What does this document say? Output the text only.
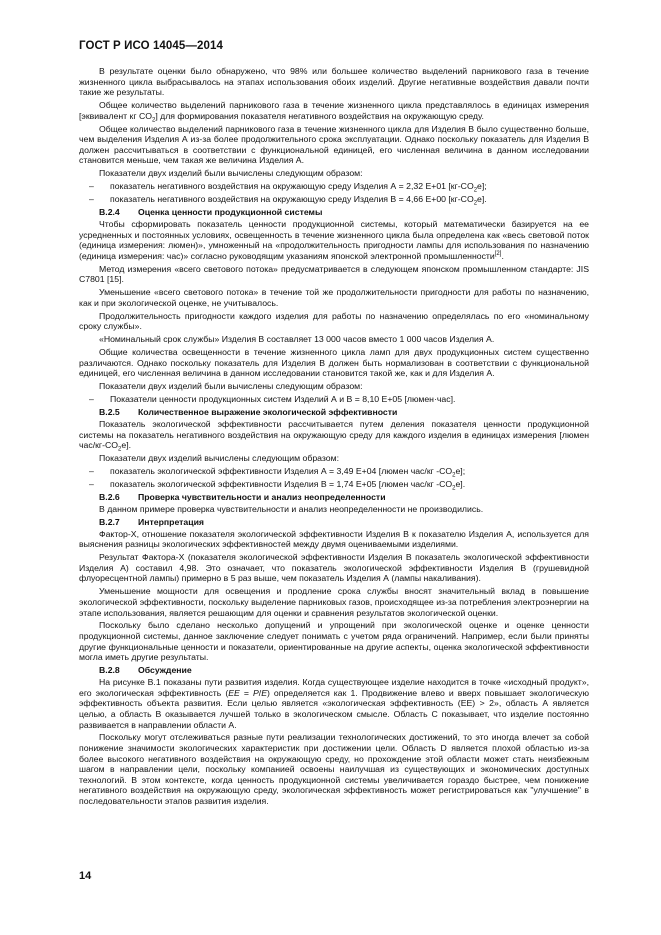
ГОСТ Р ИСО 14045—2014

В результате оценки было обнаружено, что 98% или большее количество выделений парникового газа в течение жизненного цикла выбрасывалось на этапах использования обоих изделий. Другие негативные воздействия давали почти такие же результаты.

Общее количество выделений парникового газа в течение жизненного цикла представлялось в единицах измерения [эквивалент кг $CO_2$] для формирования показателя негативного воздействия на окружающую среду.

Общее количество выделений парникового газа в течение жизненного цикла для Изделия В было существенно больше, чем выделения Изделия А из-за более продолжительного срока эксплуатации. Однако поскольку показатель для Изделия В должен рассчитываться в соответствии с функциональной единицей, его численная величина в данном исследовании становится меньше, чем такая же величина Изделия А.

Показатели двух изделий были вычислены следующим образом:

– показатель негативного воздействия на окружающую среду Изделия А = 2,32 Е+01 $[кг-CO_2e]$;

– показатель негативного воздействия на окружающую среду Изделия В = 4,66 Е+00 $[кг-CO_2e]$.

В.2.4 Оценка ценности продукционной системы

Чтобы сформировать показатель ценности продукционной системы, который математически базируется на ее усредненных и постоянных условиях, освещенность в течение жизненного цикла была определена как «весь световой поток (единица измерения: люмен)», умноженный на «продолжительность пригодности лампы для использования по назначению (единица измерения: час)» согласно руководящим указаниям японской электронной промышленности[2].

Метод измерения «всего светового потока» предусматривается в следующем японском промышленном стандарте: JIS C7801 [15].

Уменьшение «всего светового потока» в течение той же продолжительности пригодности для работы по назначению, как и при экологической оценке, не учитывалось.

Продолжительность пригодности каждого изделия для работы по назначению определялась по его «номинальному сроку службы».

«Номинальный срок службы» Изделия В составляет 13 000 часов вместо 1 000 часов Изделия А.

Общие количества освещенности в течение жизненного цикла ламп для двух продукционных систем существенно различаются. Однако поскольку показатель для Изделия В должен быть нормализован в соответствии с функциональной единицей, его численная величина в данном исследовании становится такой же, как и для Изделия А.

Показатели двух изделий были вычислены следующим образом:

– Показатели ценности продукционных систем Изделий А и В = 8,10 Е+05 [люмен·час].

В.2.5 Количественное выражение экологической эффективности

Показатель экологической эффективности рассчитывается путем деления показателя ценности продукционной системы на показатель негативного воздействия на окружающую среду для каждого изделия в единицах измерения [люмен час/$кг-CO_2e$].

Показатели двух изделий вычислены следующим образом:

– показатель экологической эффективности Изделия А = 3,49 Е+04 [люмен час/кг $-CO_2e$];

– показатель экологической эффективности Изделия В = 1,74 Е+05 [люмен час/кг $-CO_2e$].

В.2.6 Проверка чувствительности и анализ неопределенности

В данном примере проверка чувствительности и анализ неопределенности не производились.

В.2.7 Интерпретация

Фактор-Х, отношение показателя экологической эффективности Изделия В к показателю Изделия А, используется для выяснения разницы экологических эффективностей между двумя оцениваемыми изделиями.

Результат Фактора-Х (показателя экологической эффективности Изделия В показатель экологической эффективности Изделия А) составил 4,98. Это означает, что показатель экологической эффективности Изделия В (грушевидной флуоресцентной лампы) примерно в 5 раз выше, чем показатель Изделия А (лампы накаливания).

Уменьшение мощности для освещения и продление срока службы вносят значительный вклад в повышение экологической эффективности, поскольку выделение парниковых газов, происходящее из-за потребления электроэнергии на этапе использования, является решающим для оценки и сравнения результатов экологической оценки.

Поскольку было сделано несколько допущений и упрощений при экологической оценке и оценке ценности продукционной системы, данное заключение следует понимать с учетом ряда ограничений. Например, если были приняты другие функциональные ценности и показатели, ориентированные на другие аспекты, оценка экологической эффективности могла иметь другие результаты.

В.2.8 Обсуждение

На рисунке В.1 показаны пути развития изделия. Когда существующее изделие находится в точке «исходный продукт», его экологическая эффективность (ЕЕ = Р/Е) определяется как 1. Продвижение влево и вверх повышает экологическую эффективность объекта развития. Если целью является «экологическая эффективность (ЕЕ) > 2», область А является целью, а область В оказывается лучшей только в экологическом смысле. Область С показывает, что изделие постоянно развивается в направлении области А.

Поскольку могут отслеживаться разные пути реализации технологических достижений, то это иногда влечет за собой понижение значимости экологических характеристик при достижении цели. Область D является плохой областью из-за более высокого негативного воздействия на окружающую среду, но прохождение этой области может стать неизбежным шагом в направлении цели, поскольку компанией освоены наилучшая из существующих и экономических доступных технологий. В этом контексте, когда ценность продукционной системы увеличивается гораздо быстрее, чем понижение негативного воздействия на окружающую среду, экологическая эффективность может регистрироваться как "улучшение" в последовательности этапов развития изделия.

14
